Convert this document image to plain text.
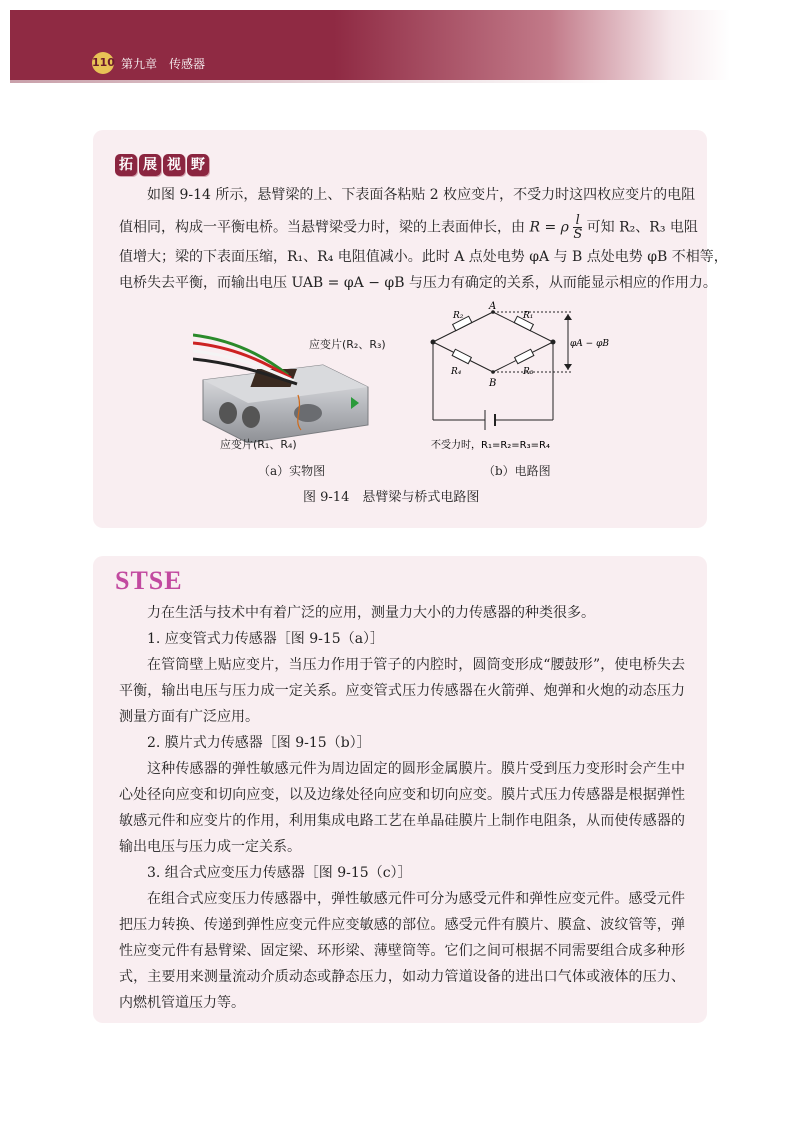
110 第九章　传感器
拓 展 视 野
如图 9-14 所示，悬臂梁的上、下表面各粘贴 2 枚应变片，不受力时这四枚应变片的电阻
值相同，构成一平衡电桥。当悬臂梁受力时，梁的上表面伸长，由 R = ρ $\frac{l}{S}$ 可知 R₂、R₃ 电阻
值增大；梁的下表面压缩，R₁、R₄ 电阻值减小。此时 A 点处电势 φA 与 B 点处电势 φB 不相等，
电桥失去平衡，而输出电压 UAB = φA − φB 与压力有确定的关系，从而能显示相应的作用力。
应变片(R₂、R₃)
应变片(R₁、R₄)
（a）实物图
A
B
R₁
R₂
R₃
R₄
φA − φB
不受力时，R₁=R₂=R₃=R₄
（b）电路图
图 9-14　悬臂梁与桥式电路图
STSE

力在生活与技术中有着广泛的应用，测量力大小的力传感器的种类很多。

1. 应变管式力传感器［图 9-15（a）］

在管筒壁上贴应变片，当压力作用于管子的内腔时，圆筒变形成“腰鼓形”，使电桥失去平衡，输出电压与压力成一定关系。应变管式压力传感器在火箭弹、炮弹和火炮的动态压力测量方面有广泛应用。

2. 膜片式力传感器［图 9-15（b）］

这种传感器的弹性敏感元件为周边固定的圆形金属膜片。膜片受到压力变形时会产生中心处径向应变和切向应变，以及边缘处径向应变和切向应变。膜片式压力传感器是根据弹性敏感元件和应变片的作用，利用集成电路工艺在单晶硅膜片上制作电阻条，从而使传感器的输出电压与压力成一定关系。

3. 组合式应变压力传感器［图 9-15（c）］

在组合式应变压力传感器中，弹性敏感元件可分为感受元件和弹性应变元件。感受元件把压力转换、传递到弹性应变元件应变敏感的部位。感受元件有膜片、膜盒、波纹管等，弹性应变元件有悬臂梁、固定梁、环形梁、薄壁筒等。它们之间可根据不同需要组合成多种形式，主要用来测量流动介质动态或静态压力，如动力管道设备的进出口气体或液体的压力、内燃机管道压力等。
